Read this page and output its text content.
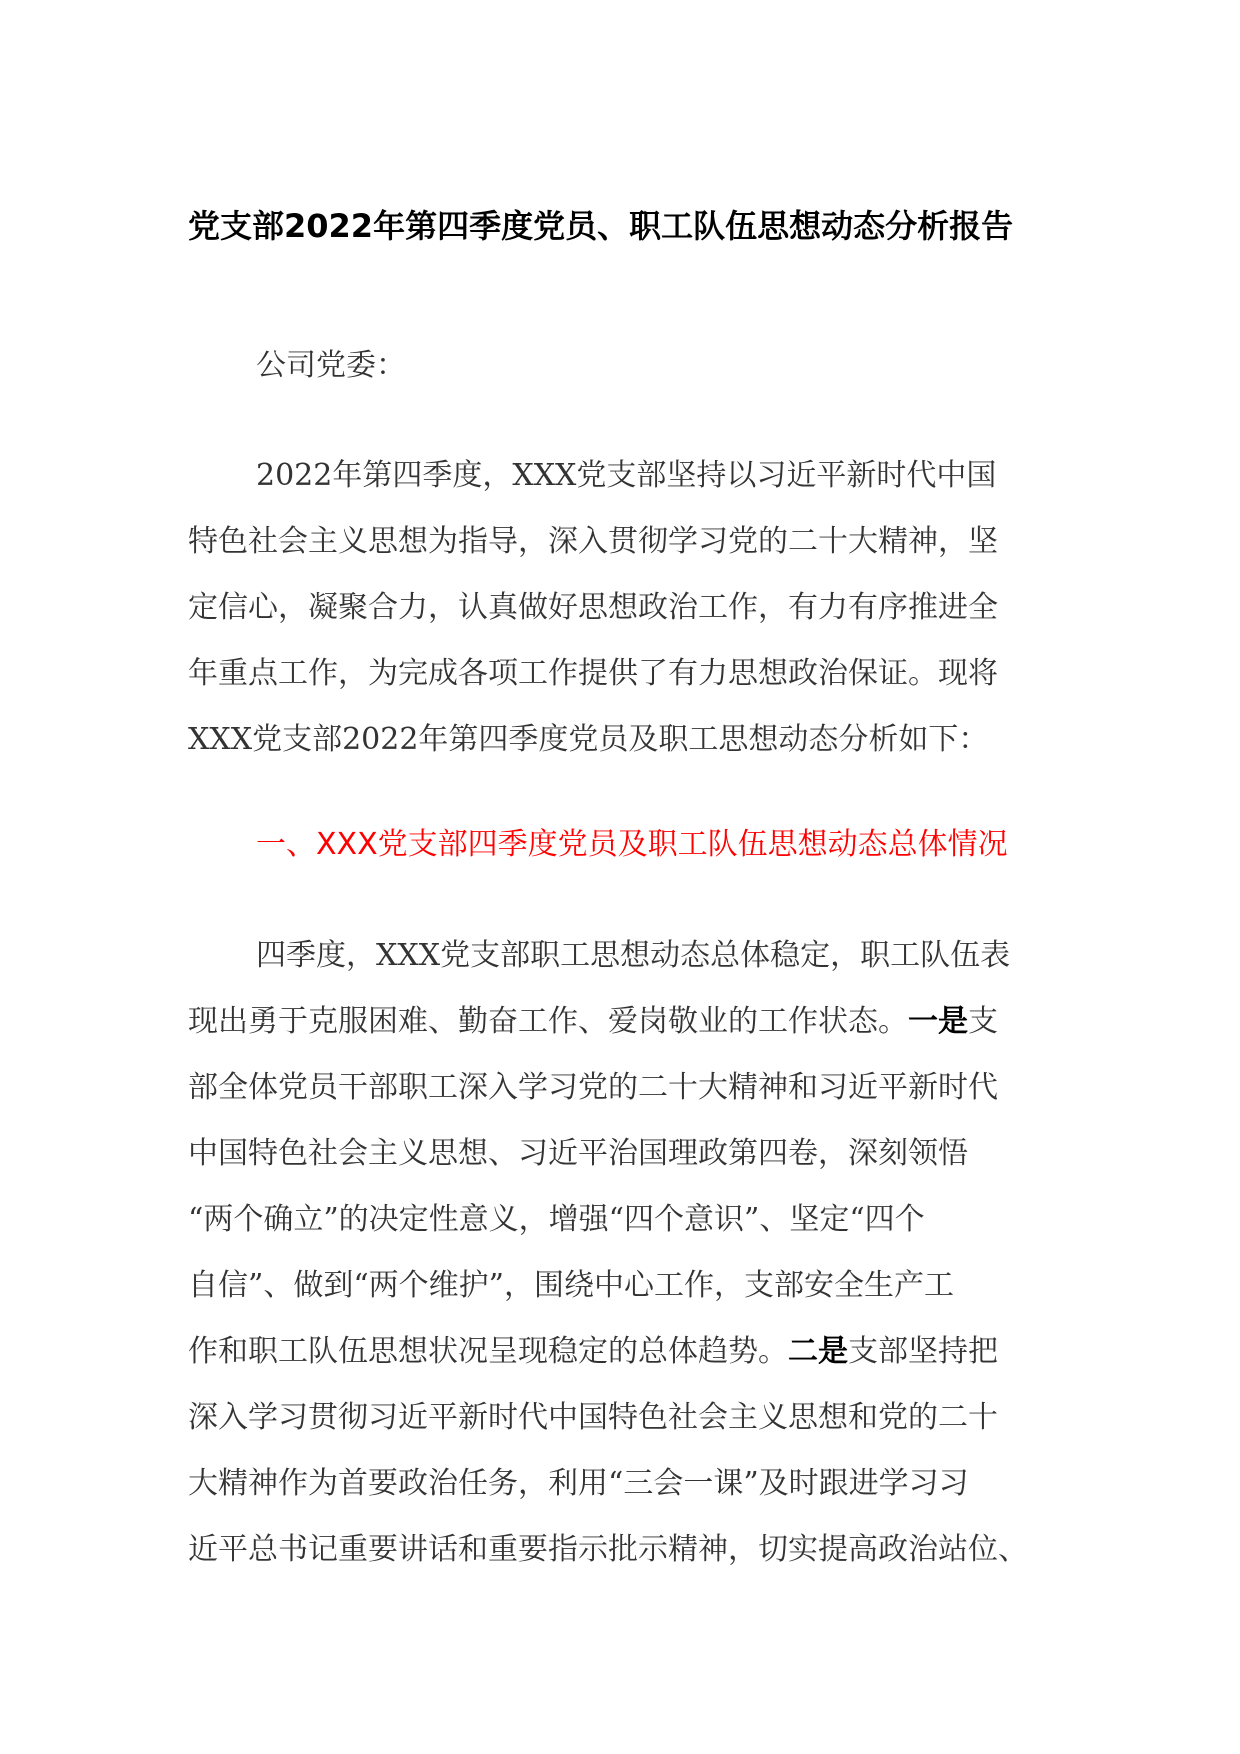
党支部2022年第四季度党员、职工队伍思想动态分析报告
公司党委：
2022年第四季度，XXX党支部坚持以习近平新时代中国
特色社会主义思想为指导，深入贯彻学习党的二十大精神，坚
定信心，凝聚合力，认真做好思想政治工作，有力有序推进全
年重点工作，为完成各项工作提供了有力思想政治保证。现将
XXX党支部2022年第四季度党员及职工思想动态分析如下：
一、XXX党支部四季度党员及职工队伍思想动态总体情况
四季度，XXX党支部职工思想动态总体稳定，职工队伍表
现出勇于克服困难、勤奋工作、爱岗敬业的工作状态。一是支
部全体党员干部职工深入学习党的二十大精神和习近平新时代
中国特色社会主义思想、习近平治国理政第四卷，深刻领悟
“两个确立”的决定性意义，增强“四个意识”、坚定“四个
自信”、做到“两个维护”，围绕中心工作，支部安全生产工
作和职工队伍思想状况呈现稳定的总体趋势。二是支部坚持把
深入学习贯彻习近平新时代中国特色社会主义思想和党的二十
大精神作为首要政治任务，利用“三会一课”及时跟进学习习
近平总书记重要讲话和重要指示批示精神，切实提高政治站位、
